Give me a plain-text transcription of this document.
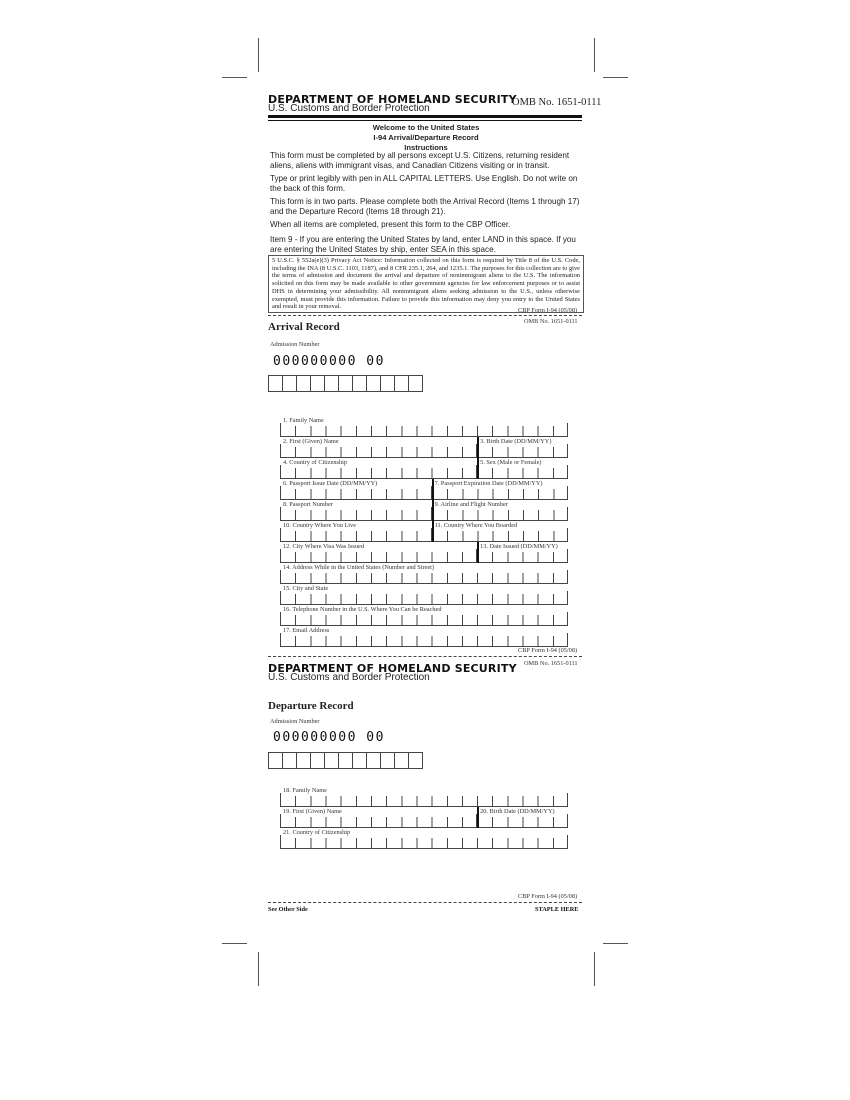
DEPARTMENT OF HOMELAND SECURITY
U.S. Customs and Border Protection
OMB No. 1651-0111
Welcome to the United States
I-94 Arrival/Departure Record
Instructions
This form must be completed by all persons except U.S. Citizens, returning resident aliens, aliens with immigrant visas, and Canadian Citizens visiting or in transit.
Type or print legibly with pen in ALL CAPITAL LETTERS. Use English. Do not write on the back of this form.
This form is in two parts. Please complete both the Arrival Record (Items 1 through 17) and the Departure Record (Items 18 through 21).
When all items are completed, present this form to the CBP Officer.
Item 9 - If you are entering the United States by land, enter LAND in this space. If you are entering the United States by ship, enter SEA in this space.
5 U.S.C. § 552a(e)(3) Privacy Act Notice: Information collected on this form is required by Title 8 of the U.S. Code, including the INA (8 U.S.C. 1103, 1187), and 8 CFR 235.1, 264, and 1235.1. The purposes for this collection are to give the terms of admission and document the arrival and departure of nonimmigrant aliens to the U.S. The information solicited on this form may be made available to other government agencies for law enforcement purposes or to assist DHS in determining your admissibility. All nonimmigrant aliens seeking admission to the U.S., unless otherwise exempted, must provide this information. Failure to provide this information may deny you entry to the United States and result in your removal.
CBP Form I-94 (05/08)
OMB No. 1651-0111
Arrival Record
Admission Number
000000000 00
1. Family Name
2. First (Given) Name	3. Birth Date (DD/MM/YY)
4. Country of Citizenship	5. Sex (Male or Female)
6. Passport Issue Date (DD/MM/YY)	7. Passport Expiration Date (DD/MM/YY)
8. Passport Number	9. Airline and Flight Number
10. Country Where You Live	11. Country Where You Boarded
12. City Where Visa Was Issued	13. Date Issued (DD/MM/YY)
14. Address While in the United States (Number and Street)
15. City and State
16. Telephone Number in the U.S. Where You Can be Reached
17. Email Address
CBP Form I-94 (05/08)
DEPARTMENT OF HOMELAND SECURITY
U.S. Customs and Border Protection
OMB No. 1651-0111
Departure Record
Admission Number
000000000 00
18. Family Name
19. First (Given) Name	20. Birth Date (DD/MM/YY)
21. Country of Citizenship
CBP Form I-94 (05/08)
See Other Side	STAPLE HERE
